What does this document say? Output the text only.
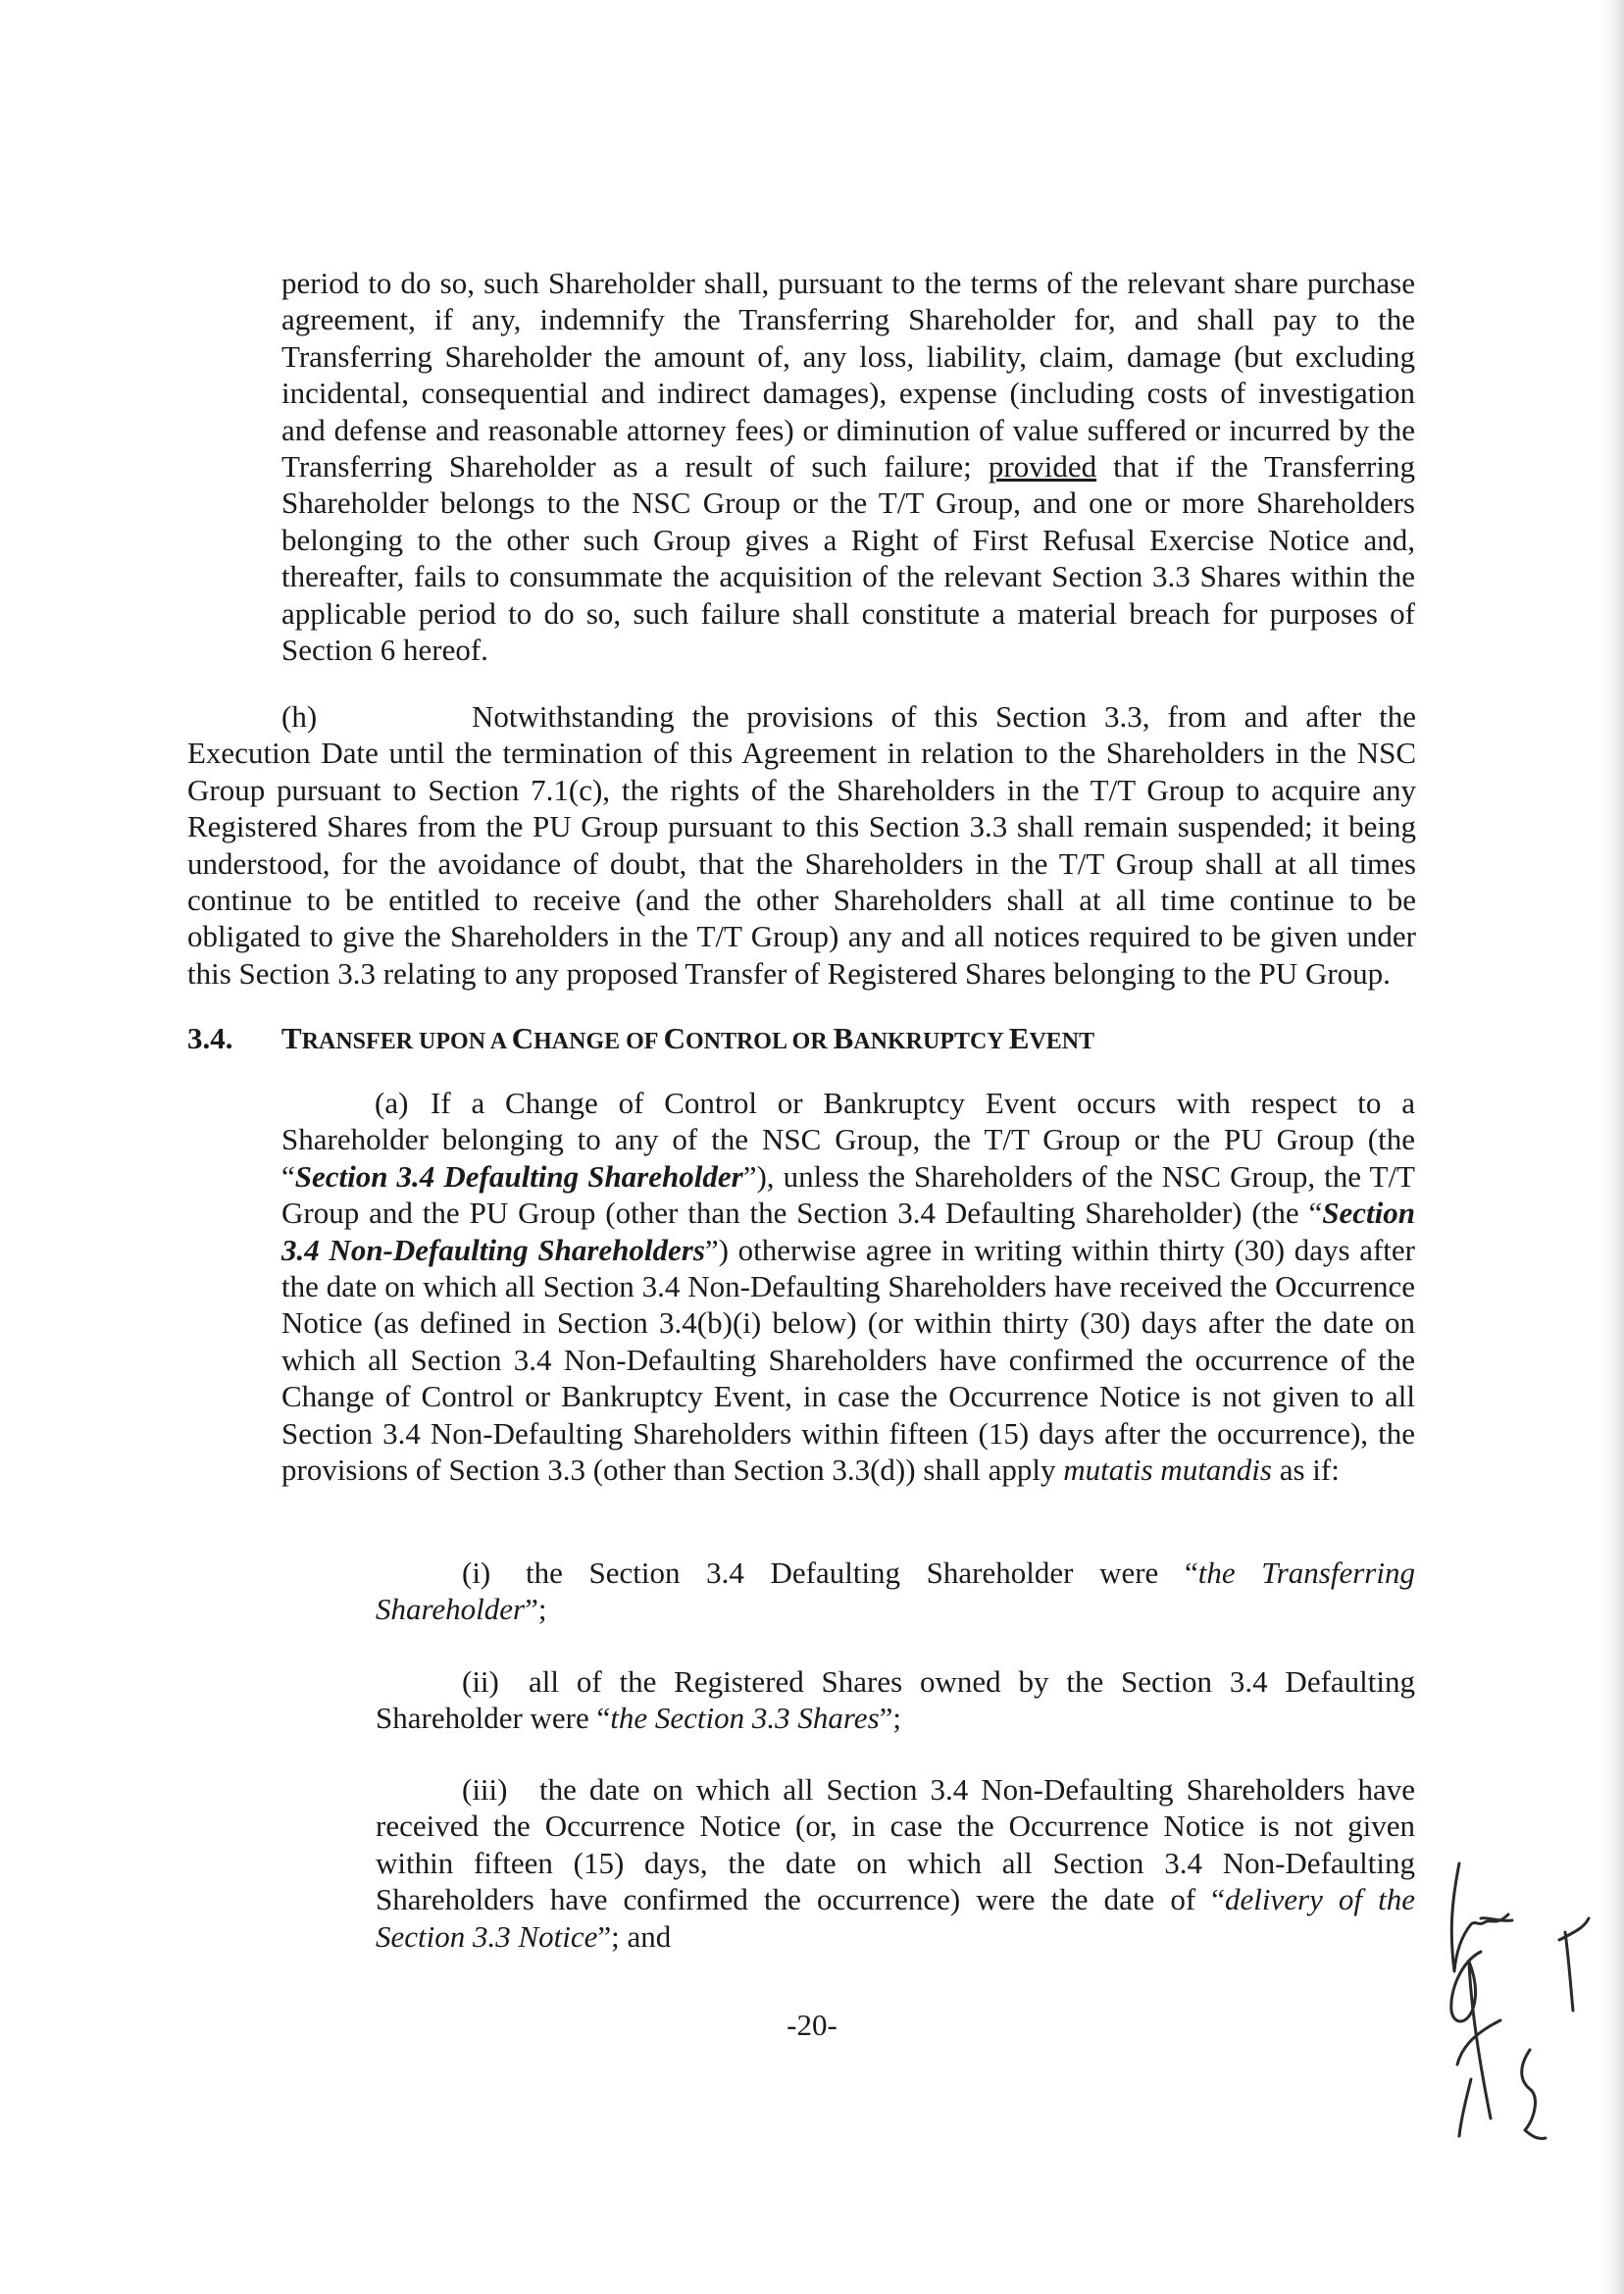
period to do so, such Shareholder shall, pursuant to the terms of the relevant share purchase agreement, if any, indemnify the Transferring Shareholder for, and shall pay to the Transferring Shareholder the amount of, any loss, liability, claim, damage (but excluding incidental, consequential and indirect damages), expense (including costs of investigation and defense and reasonable attorney fees) or diminution of value suffered or incurred by the Transferring Shareholder as a result of such failure; provided that if the Transferring Shareholder belongs to the NSC Group or the T/T Group, and one or more Shareholders belonging to the other such Group gives a Right of First Refusal Exercise Notice and, thereafter, fails to consummate the acquisition of the relevant Section 3.3 Shares within the applicable period to do so, such failure shall constitute a material breach for purposes of Section 6 hereof.

(h)	Notwithstanding the provisions of this Section 3.3, from and after the Execution Date until the termination of this Agreement in relation to the Shareholders in the NSC Group pursuant to Section 7.1(c), the rights of the Shareholders in the T/T Group to acquire any Registered Shares from the PU Group pursuant to this Section 3.3 shall remain suspended; it being understood, for the avoidance of doubt, that the Shareholders in the T/T Group shall at all times continue to be entitled to receive (and the other Shareholders shall at all time continue to be obligated to give the Shareholders in the T/T Group) any and all notices required to be given under this Section 3.3 relating to any proposed Transfer of Registered Shares belonging to the PU Group.

3.4. TRANSFER UPON A CHANGE OF CONTROL OR BANKRUPTCY EVENT

(a) If a Change of Control or Bankruptcy Event occurs with respect to a Shareholder belonging to any of the NSC Group, the T/T Group or the PU Group (the “Section 3.4 Defaulting Shareholder”), unless the Shareholders of the NSC Group, the T/T Group and the PU Group (other than the Section 3.4 Defaulting Shareholder) (the “Section 3.4 Non-Defaulting Shareholders”) otherwise agree in writing within thirty (30) days after the date on which all Section 3.4 Non-Defaulting Shareholders have received the Occurrence Notice (as defined in Section 3.4(b)(i) below) (or within thirty (30) days after the date on which all Section 3.4 Non-Defaulting Shareholders have confirmed the occurrence of the Change of Control or Bankruptcy Event, in case the Occurrence Notice is not given to all Section 3.4 Non-Defaulting Shareholders within fifteen (15) days after the occurrence), the provisions of Section 3.3 (other than Section 3.3(d)) shall apply mutatis mutandis as if:

(i) the Section 3.4 Defaulting Shareholder were “the Transferring Shareholder”;

(ii) all of the Registered Shares owned by the Section 3.4 Defaulting Shareholder were “the Section 3.3 Shares”;

(iii) the date on which all Section 3.4 Non-Defaulting Shareholders have received the Occurrence Notice (or, in case the Occurrence Notice is not given within fifteen (15) days, the date on which all Section 3.4 Non-Defaulting Shareholders have confirmed the occurrence) were the date of “delivery of the Section 3.3 Notice”; and

-20-
